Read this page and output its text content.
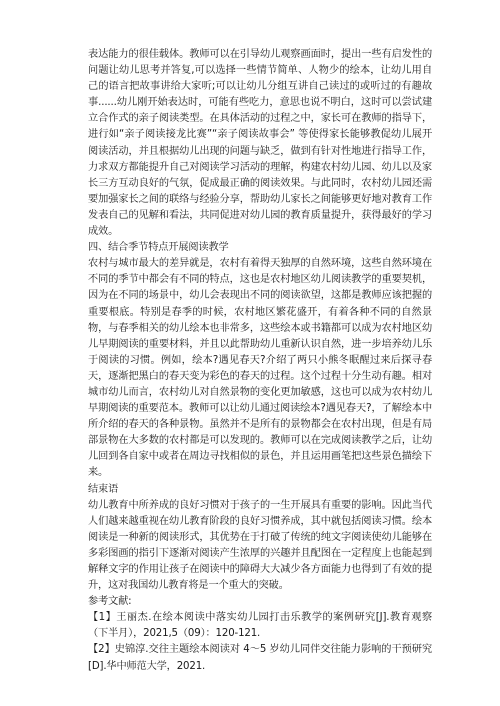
表达能力的很佳载体。教师可以在引导幼儿观察画面时，提出一些有启发性的问题让幼儿思考并答复,可以选择一些情节简单、人物少的绘本，让幼儿用自己的语言把故事讲给大家听;可以让幼儿分组互讲自己读过的或听过的有趣故事......幼儿刚开始表达时，可能有些吃力，意思也说不明白，这时可以尝试建立合作式的亲子阅读类型。在具体活动的过程之中，家长可在教师的指导下，进行如“亲子阅读接龙比赛”“亲子阅读故事会” 等使得家长能够教促幼儿展开阅读活动，并且根据幼儿出现的问题与缺乏，做到有针对性地进行指导工作，力求双方都能提升自己对阅读学习活动的理解，构建农村幼儿园、幼儿以及家长三方互动良好的气氛，促成最正确的阅读效果。与此同时，农村幼儿园还需要加强家长之间的联络与经验分享，帮助幼儿家长之间能够更好地对教育工作发表自己的见解和看法，共同促进对幼儿园的教育质量提升，获得最好的学习成效。

四、结合季节特点开展阅读教学

农村与城市最大的差异就是，农村有着得天独厚的自然环境，这些自然环境在不同的季节中都会有不同的特点，这也是农村地区幼儿阅读教学的重要契机，因为在不同的场景中，幼儿会表现出不同的阅读欲望，这都是教师应该把握的重要根底。特别是春季的时候，农村地区繁花盛开，有着各种不同的自然景物，与春季相关的幼儿绘本也非常多，这些绘本或书籍都可以成为农村地区幼儿早期阅读的重要材料，并且以此帮助幼儿重新认识自然，进一步培养幼儿乐于阅读的习惯。例如，绘本?遇见春天?介绍了两只小熊冬眠醒过来后探寻春天，逐渐把黑白的春天变为彩色的春天的过程。这个过程十分生动有趣。相对城市幼儿而言，农村幼儿对自然景物的变化更加敏感，这也可以成为农村幼儿早期阅读的重要范本。教师可以让幼儿通过阅读绘本?遇见春天?，了解绘本中所介绍的春天的各种景物。虽然并不是所有的景物都会在农村出现，但是有局部景物在大多数的农村都是可以发现的。教师可以在完成阅读教学之后，让幼儿回到各自家中或者在周边寻找相似的景色，并且运用画笔把这些景色描绘下来。

结束语

幼儿教育中所养成的良好习惯对于孩子的一生开展具有重要的影响。因此当代人们越来越重视在幼儿教育阶段的良好习惯养成，其中就包括阅读习惯。绘本阅读是一种新的阅读形式，其优势在于打破了传统的纯文字阅读使幼儿能够在多彩图画的指引下逐渐对阅读产生浓厚的兴趣并且配图在一定程度上也能起到解释文字的作用让孩子在阅读中的障碍大大减少各方面能力也得到了有效的提升，这对我国幼儿教育将是一个重大的突破。

参考文献:

【1】王丽杰.在绘本阅读中落实幼儿园打击乐教学的案例研究[J].教育观察（下半月），2021,5（09）：120-121.

【2】史锦淳.交往主题绘本阅读对 4～5 岁幼儿同伴交往能力影响的干预研究[D].华中师范大学，2021.
